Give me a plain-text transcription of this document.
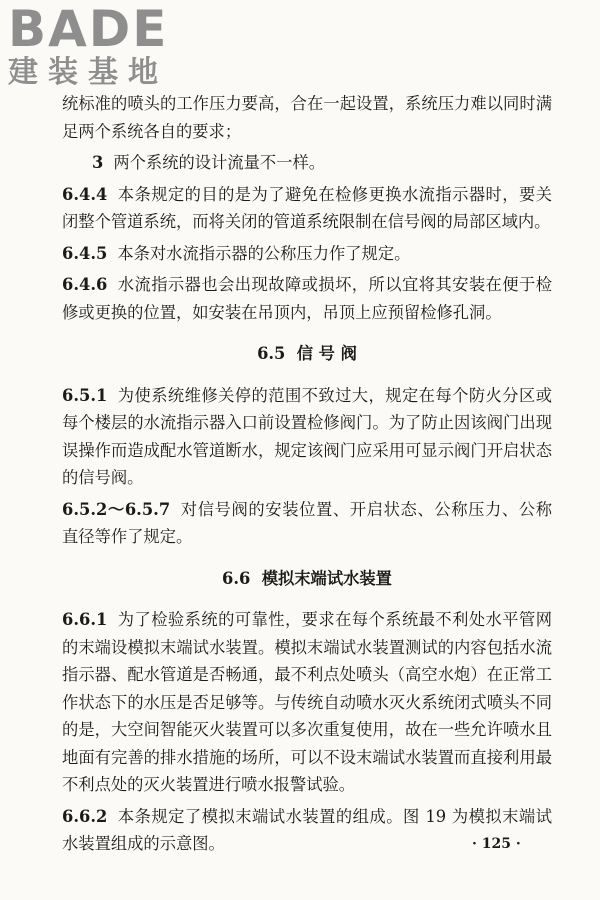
BADE
建装基地

统标准的喷头的工作压力要高，合在一起设置，系统压力难以同时满足两个系统各自的要求；

3 两个系统的设计流量不一样。

6.4.4 本条规定的目的是为了避免在检修更换水流指示器时，要关闭整个管道系统，而将关闭的管道系统限制在信号阀的局部区域内。

6.4.5 本条对水流指示器的公称压力作了规定。

6.4.6 水流指示器也会出现故障或损坏，所以宜将其安装在便于检修或更换的位置，如安装在吊顶内，吊顶上应预留检修孔洞。

6.5 信 号 阀

6.5.1 为使系统维修关停的范围不致过大，规定在每个防火分区或每个楼层的水流指示器入口前设置检修阀门。为了防止因该阀门出现误操作而造成配水管道断水，规定该阀门应采用可显示阀门开启状态的信号阀。

6.5.2～6.5.7 对信号阀的安装位置、开启状态、公称压力、公称直径等作了规定。

6.6 模拟末端试水装置

6.6.1 为了检验系统的可靠性，要求在每个系统最不利处水平管网的末端设模拟末端试水装置。模拟末端试水装置测试的内容包括水流指示器、配水管道是否畅通，最不利点处喷头（高空水炮）在正常工作状态下的水压是否足够等。与传统自动喷水灭火系统闭式喷头不同的是，大空间智能灭火装置可以多次重复使用，故在一些允许喷水且地面有完善的排水措施的场所，可以不设末端试水装置而直接利用最不利点处的灭火装置进行喷水报警试验。

6.6.2 本条规定了模拟末端试水装置的组成。图 19 为模拟末端试水装置组成的示意图。	· 125 ·
